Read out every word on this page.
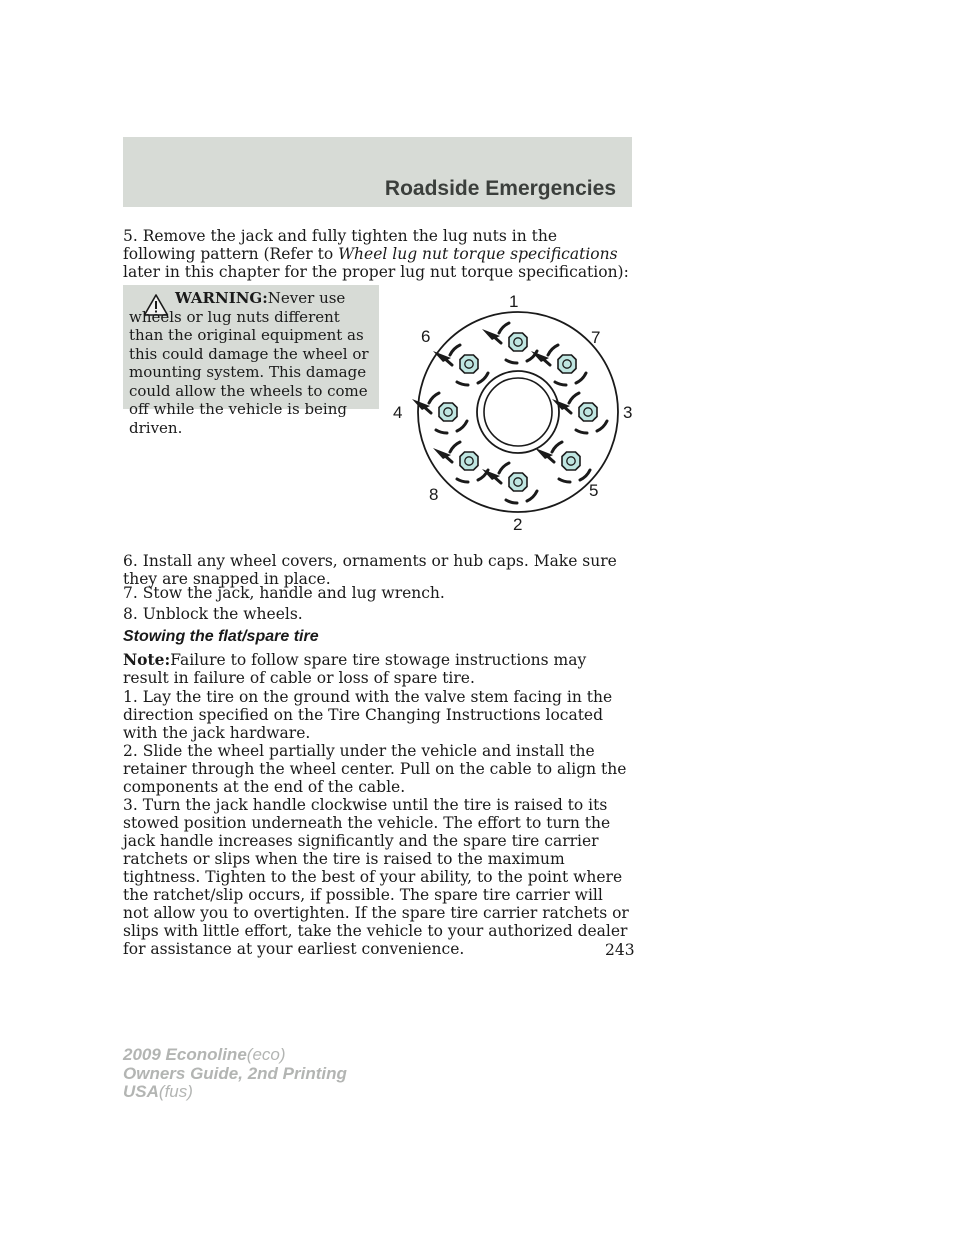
Roadside Emergencies

5. Remove the jack and fully tighten the lug nuts in the following pattern (Refer to Wheel lug nut torque specifications later in this chapter for the proper lug nut torque specification):

WARNING:Never use wheels or lug nuts different than the original equipment as this could damage the wheel or mounting system. This damage could allow the wheels to come off while the vehicle is being driven.

1
7
3
5
2
8
4
6

6. Install any wheel covers, ornaments or hub caps. Make sure they are snapped in place.

7. Stow the jack, handle and lug wrench.

8. Unblock the wheels.

Stowing the flat/spare tire

Note:Failure to follow spare tire stowage instructions may result in failure of cable or loss of spare tire.

1. Lay the tire on the ground with the valve stem facing in the direction specified on the Tire Changing Instructions located with the jack hardware.

2. Slide the wheel partially under the vehicle and install the retainer through the wheel center. Pull on the cable to align the components at the end of the cable.

3. Turn the jack handle clockwise until the tire is raised to its stowed position underneath the vehicle. The effort to turn the jack handle increases significantly and the spare tire carrier ratchets or slips when the tire is raised to the maximum tightness. Tighten to the best of your ability, to the point where the ratchet/slip occurs, if possible. The spare tire carrier will not allow you to overtighten. If the spare tire carrier ratchets or slips with little effort, take the vehicle to your authorized dealer for assistance at your earliest convenience.	243
2009 Econoline(eco)
Owners Guide, 2nd Printing
USA(fus)
